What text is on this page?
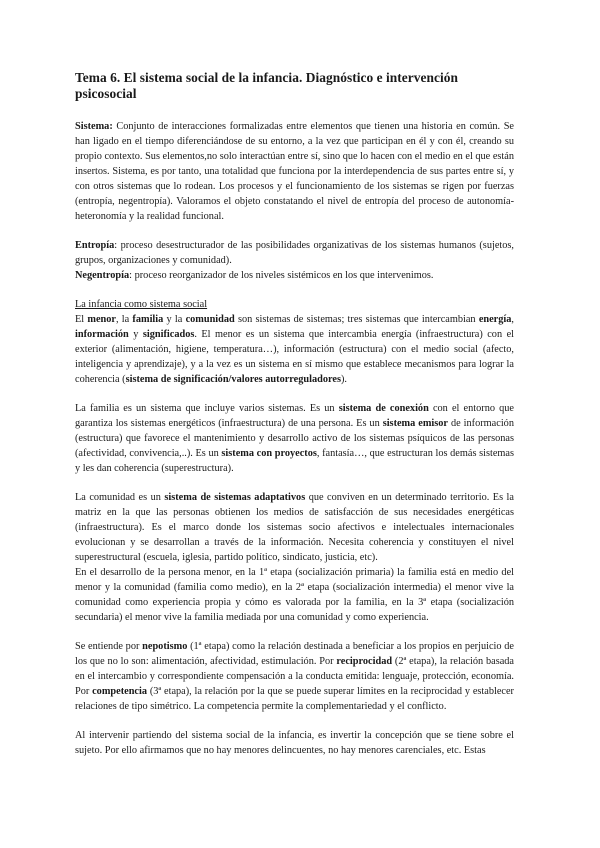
Tema 6. El sistema social de la infancia. Diagnóstico e intervención psicosocial

Sistema: Conjunto de interacciones formalizadas entre elementos que tienen una historia en común. Se han ligado en el tiempo diferenciándose de su entorno, a la vez que participan en él y con él, creando su propio contexto. Sus elementos,no solo interactúan entre sí, sino que lo hacen con el medio en el que están insertos. Sistema, es por tanto, una totalidad que funciona por la interdependencia de sus partes entre sí, y con otros sistemas que lo rodean. Los procesos y el funcionamiento de los sistemas se rigen por fuerzas (entropía, negentropía). Valoramos el objeto constatando el nivel de entropía del proceso de autonomía-heteronomía y la realidad funcional.

Entropía: proceso desestructurador de las posibilidades organizativas de los sistemas humanos (sujetos, grupos, organizaciones y comunidad).

Negentropía: proceso reorganizador de los niveles sistémicos en los que intervenimos.

La infancia como sistema social

El menor, la familia y la comunidad son sistemas de sistemas; tres sistemas que intercambian energía, información y significados. El menor es un sistema que intercambia energía (infraestructura) con el exterior (alimentación, higiene, temperatura…), información (estructura) con el medio social (afecto, inteligencia y aprendizaje), y a la vez es un sistema en sí mismo que establece mecanismos para lograr la coherencia (sistema de significación/valores autorreguladores).

La familia es un sistema que incluye varios sistemas. Es un sistema de conexión con el entorno que garantiza los sistemas energéticos (infraestructura) de una persona. Es un sistema emisor de información (estructura) que favorece el mantenimiento y desarrollo activo de los sistemas psíquicos de las personas (afectividad, convivencia,..). Es un sistema con proyectos, fantasía…, que estructuran los demás sistemas y les dan coherencia (superestructura).

La comunidad es un sistema de sistemas adaptativos que conviven en un determinado territorio. Es la matriz en la que las personas obtienen los medios de satisfacción de sus necesidades energéticas (infraestructura). Es el marco donde los sistemas socio afectivos e intelectuales internacionales evolucionan y se desarrollan a través de la información. Necesita coherencia y constituyen el nivel superestructural (escuela, iglesia, partido político, sindicato, justicia, etc).

En el desarrollo de la persona menor, en la 1ª etapa (socialización primaria) la familia está en medio del menor y la comunidad (familia como medio), en la 2ª etapa (socialización intermedia) el menor vive la comunidad como experiencia propia y cómo es valorada por la familia, en la 3ª etapa (socialización secundaria) el menor vive la familia mediada por una comunidad y como experiencia.

Se entiende por nepotismo (1ª etapa) como la relación destinada a beneficiar a los propios en perjuicio de los que no lo son: alimentación, afectividad, estimulación. Por reciprocidad (2ª etapa), la relación basada en el intercambio y correspondiente compensación a la conducta emitida: lenguaje, protección, economía. Por competencia (3ª etapa), la relación por la que se puede superar límites en la reciprocidad y establecer relaciones de tipo simétrico. La competencia permite la complementariedad y el conflicto.

Al intervenir partiendo del sistema social de la infancia, es invertir la concepción que se tiene sobre el sujeto. Por ello afirmamos que no hay menores delincuentes, no hay menores carenciales, etc. Estas
